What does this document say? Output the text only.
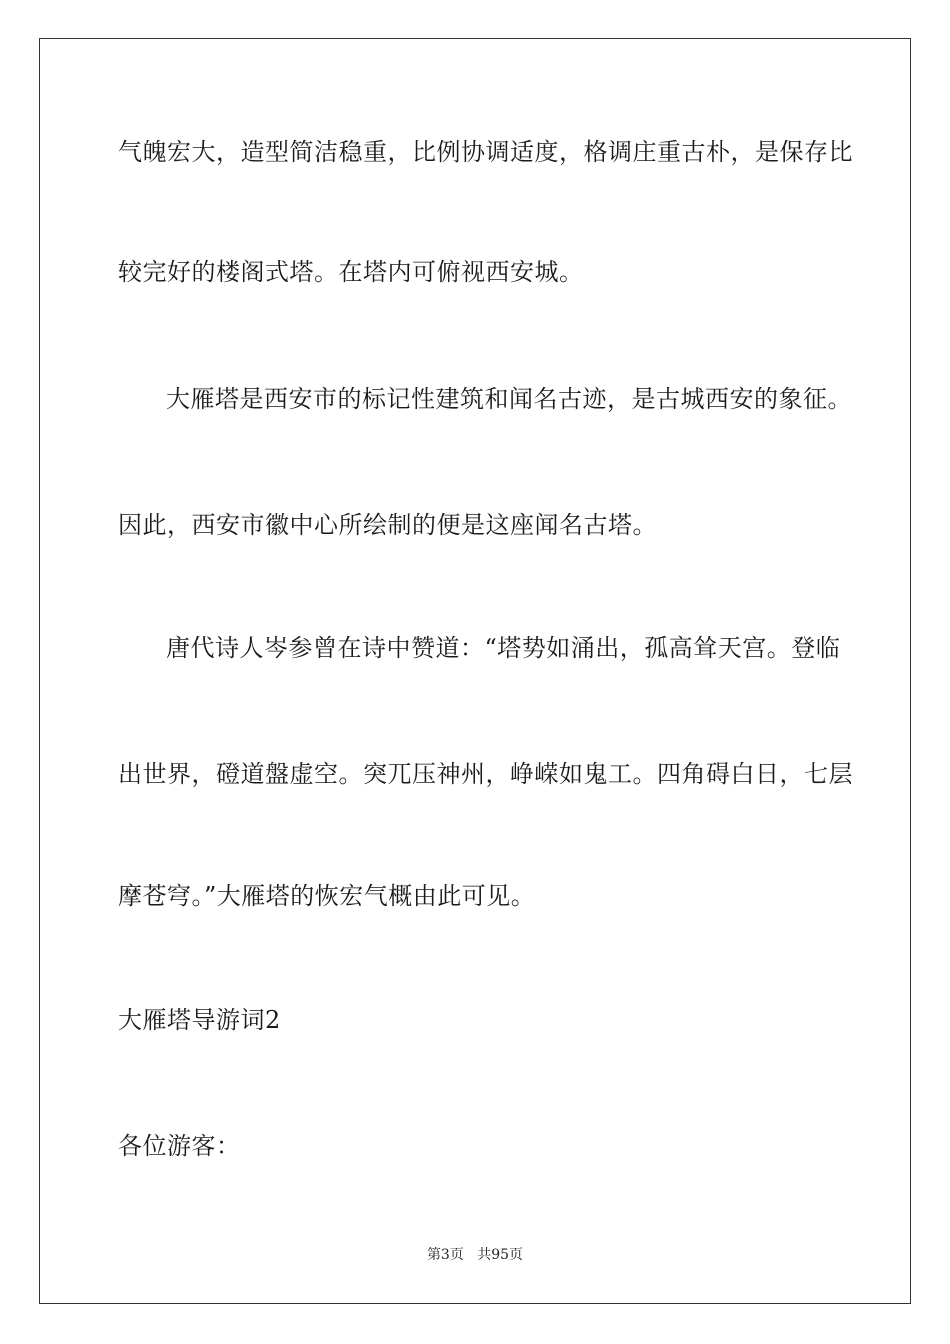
气魄宏大，造型简洁稳重，比例协调适度，格调庄重古朴，是保存比
较完好的楼阁式塔。在塔内可俯视西安城。
大雁塔是西安市的标记性建筑和闻名古迹，是古城西安的象征。
因此，西安市徽中心所绘制的便是这座闻名古塔。
唐代诗人岑参曾在诗中赞道：“塔势如涌出，孤高耸天宫。登临
出世界，磴道盤虚空。突兀压神州，峥嵘如鬼工。四角碍白日，七层
摩苍穹。”大雁塔的恢宏气概由此可见。
大雁塔导游词2
各位游客：
第3页 共95页
